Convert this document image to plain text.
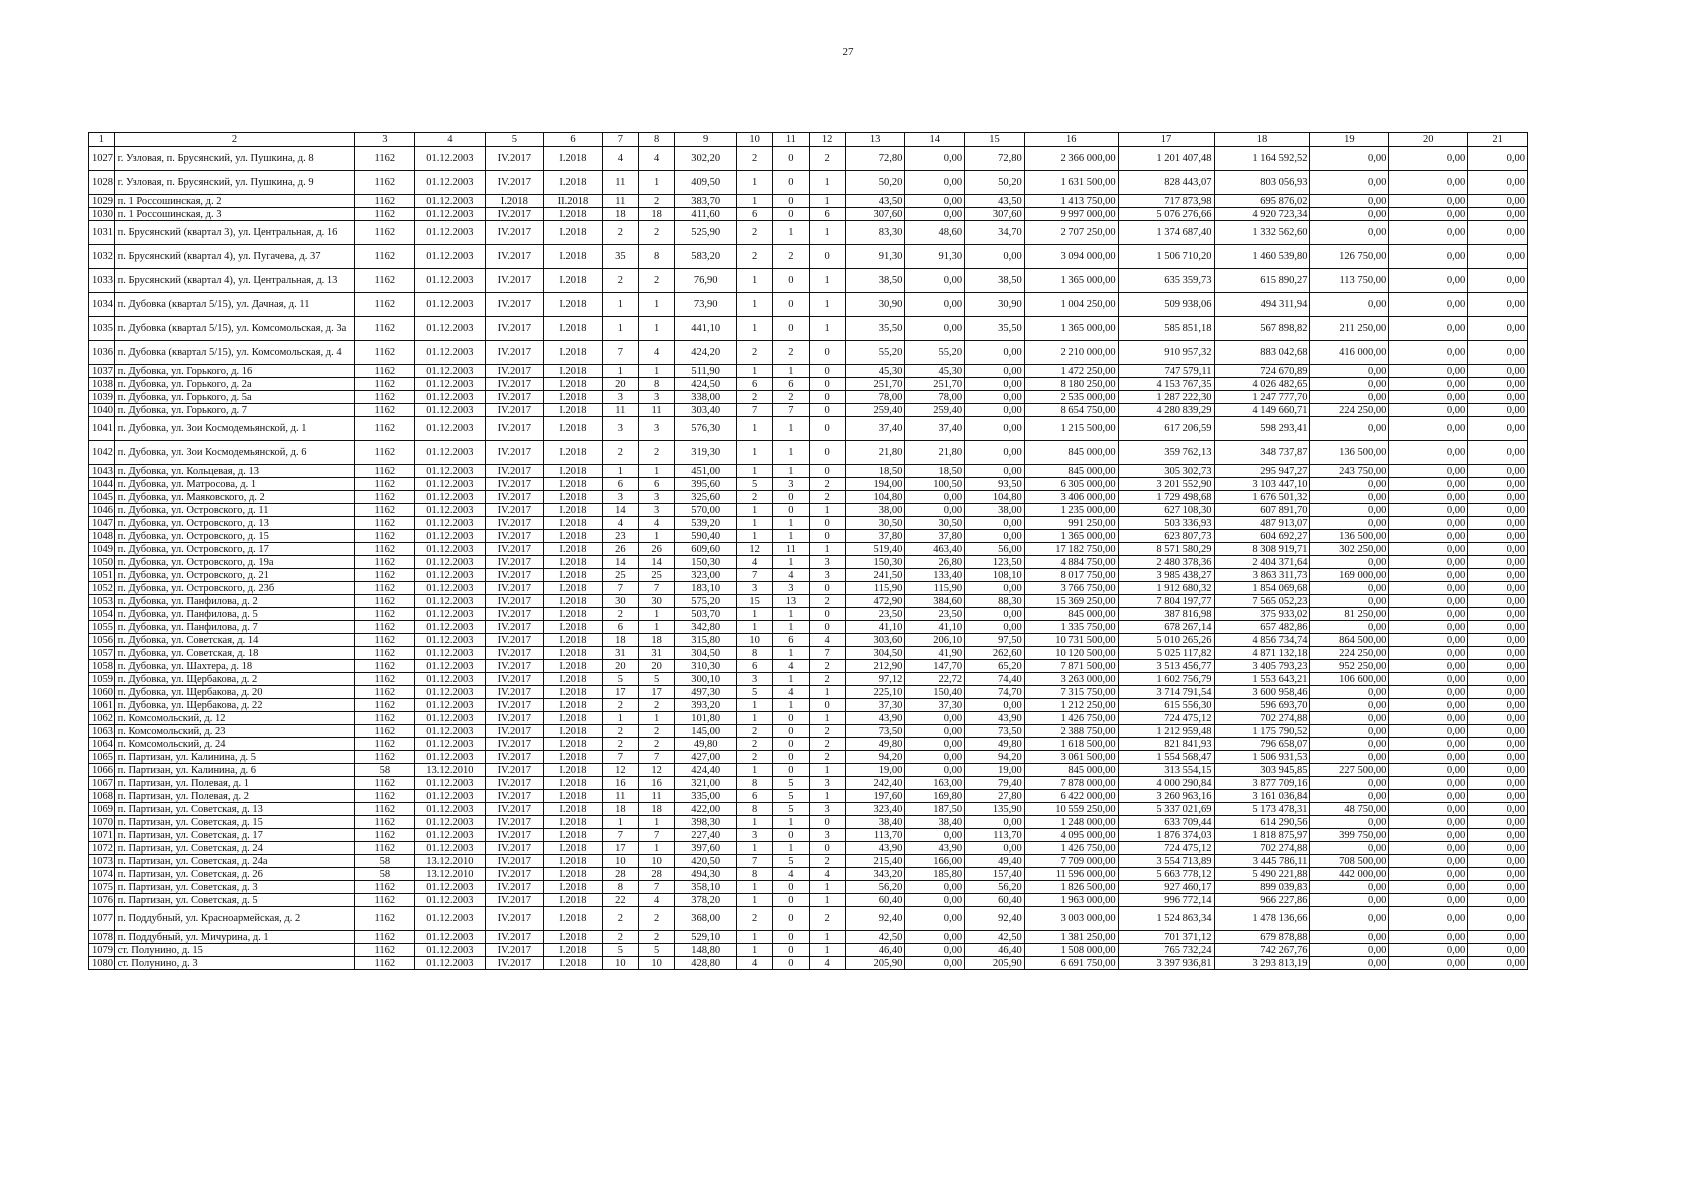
27
1	2	3	4	5	6	7	8	9	10	11	12	13	14	15	16	17	18	19	20	21
1027	г. Узловая, п. Брусянский, ул. Пушкина, д. 8	1162	01.12.2003	IV.2017	I.2018	4	4	302,20	2	0	2	72,80	0,00	72,80	2 366 000,00	1 201 407,48	1 164 592,52	0,00	0,00	0,00
1028	г. Узловая, п. Брусянский, ул. Пушкина, д. 9	1162	01.12.2003	IV.2017	I.2018	11	1	409,50	1	0	1	50,20	0,00	50,20	1 631 500,00	828 443,07	803 056,93	0,00	0,00	0,00
1029	п. 1 Россошинская, д. 2	1162	01.12.2003	I.2018	II.2018	11	2	383,70	1	0	1	43,50	0,00	43,50	1 413 750,00	717 873,98	695 876,02	0,00	0,00	0,00
1030	п. 1 Россошинская, д. 3	1162	01.12.2003	IV.2017	I.2018	18	18	411,60	6	0	6	307,60	0,00	307,60	9 997 000,00	5 076 276,66	4 920 723,34	0,00	0,00	0,00
1031	п. Брусянский (квартал 3), ул. Центральная, д. 16	1162	01.12.2003	IV.2017	I.2018	2	2	525,90	2	1	1	83,30	48,60	34,70	2 707 250,00	1 374 687,40	1 332 562,60	0,00	0,00	0,00
1032	п. Брусянский (квартал 4), ул. Пугачева, д. 37	1162	01.12.2003	IV.2017	I.2018	35	8	583,20	2	2	0	91,30	91,30	0,00	3 094 000,00	1 506 710,20	1 460 539,80	126 750,00	0,00	0,00
1033	п. Брусянский (квартал 4), ул. Центральная, д. 13	1162	01.12.2003	IV.2017	I.2018	2	2	76,90	1	0	1	38,50	0,00	38,50	1 365 000,00	635 359,73	615 890,27	113 750,00	0,00	0,00
1034	п. Дубовка (квартал 5/15), ул. Дачная, д. 11	1162	01.12.2003	IV.2017	I.2018	1	1	73,90	1	0	1	30,90	0,00	30,90	1 004 250,00	509 938,06	494 311,94	0,00	0,00	0,00
1035	п. Дубовка (квартал 5/15), ул. Комсомольская, д. 3а	1162	01.12.2003	IV.2017	I.2018	1	1	441,10	1	0	1	35,50	0,00	35,50	1 365 000,00	585 851,18	567 898,82	211 250,00	0,00	0,00
1036	п. Дубовка (квартал 5/15), ул. Комсомольская, д. 4	1162	01.12.2003	IV.2017	I.2018	7	4	424,20	2	2	0	55,20	55,20	0,00	2 210 000,00	910 957,32	883 042,68	416 000,00	0,00	0,00
1037	п. Дубовка, ул. Горького, д. 16	1162	01.12.2003	IV.2017	I.2018	1	1	511,90	1	1	0	45,30	45,30	0,00	1 472 250,00	747 579,11	724 670,89	0,00	0,00	0,00
1038	п. Дубовка, ул. Горького, д. 2а	1162	01.12.2003	IV.2017	I.2018	20	8	424,50	6	6	0	251,70	251,70	0,00	8 180 250,00	4 153 767,35	4 026 482,65	0,00	0,00	0,00
1039	п. Дубовка, ул. Горького, д. 5а	1162	01.12.2003	IV.2017	I.2018	3	3	338,00	2	2	0	78,00	78,00	0,00	2 535 000,00	1 287 222,30	1 247 777,70	0,00	0,00	0,00
1040	п. Дубовка, ул. Горького, д. 7	1162	01.12.2003	IV.2017	I.2018	11	11	303,40	7	7	0	259,40	259,40	0,00	8 654 750,00	4 280 839,29	4 149 660,71	224 250,00	0,00	0,00
1041	п. Дубовка, ул. Зои Космодемьянской, д. 1	1162	01.12.2003	IV.2017	I.2018	3	3	576,30	1	1	0	37,40	37,40	0,00	1 215 500,00	617 206,59	598 293,41	0,00	0,00	0,00
1042	п. Дубовка, ул. Зои Космодемьянской, д. 6	1162	01.12.2003	IV.2017	I.2018	2	2	319,30	1	1	0	21,80	21,80	0,00	845 000,00	359 762,13	348 737,87	136 500,00	0,00	0,00
1043	п. Дубовка, ул. Кольцевая, д. 13	1162	01.12.2003	IV.2017	I.2018	1	1	451,00	1	1	0	18,50	18,50	0,00	845 000,00	305 302,73	295 947,27	243 750,00	0,00	0,00
1044	п. Дубовка, ул. Матросова, д. 1	1162	01.12.2003	IV.2017	I.2018	6	6	395,60	5	3	2	194,00	100,50	93,50	6 305 000,00	3 201 552,90	3 103 447,10	0,00	0,00	0,00
1045	п. Дубовка, ул. Маяковского, д. 2	1162	01.12.2003	IV.2017	I.2018	3	3	325,60	2	0	2	104,80	0,00	104,80	3 406 000,00	1 729 498,68	1 676 501,32	0,00	0,00	0,00
1046	п. Дубовка, ул. Островского, д. 11	1162	01.12.2003	IV.2017	I.2018	14	3	570,00	1	0	1	38,00	0,00	38,00	1 235 000,00	627 108,30	607 891,70	0,00	0,00	0,00
1047	п. Дубовка, ул. Островского, д. 13	1162	01.12.2003	IV.2017	I.2018	4	4	539,20	1	1	0	30,50	30,50	0,00	991 250,00	503 336,93	487 913,07	0,00	0,00	0,00
1048	п. Дубовка, ул. Островского, д. 15	1162	01.12.2003	IV.2017	I.2018	23	1	590,40	1	1	0	37,80	37,80	0,00	1 365 000,00	623 807,73	604 692,27	136 500,00	0,00	0,00
1049	п. Дубовка, ул. Островского, д. 17	1162	01.12.2003	IV.2017	I.2018	26	26	609,60	12	11	1	519,40	463,40	56,00	17 182 750,00	8 571 580,29	8 308 919,71	302 250,00	0,00	0,00
1050	п. Дубовка, ул. Островского, д. 19а	1162	01.12.2003	IV.2017	I.2018	14	14	150,30	4	1	3	150,30	26,80	123,50	4 884 750,00	2 480 378,36	2 404 371,64	0,00	0,00	0,00
1051	п. Дубовка, ул. Островского, д. 21	1162	01.12.2003	IV.2017	I.2018	25	25	323,00	7	4	3	241,50	133,40	108,10	8 017 750,00	3 985 438,27	3 863 311,73	169 000,00	0,00	0,00
1052	п. Дубовка, ул. Островского, д. 23б	1162	01.12.2003	IV.2017	I.2018	7	7	183,10	3	3	0	115,90	115,90	0,00	3 766 750,00	1 912 680,32	1 854 069,68	0,00	0,00	0,00
1053	п. Дубовка, ул. Панфилова, д. 2	1162	01.12.2003	IV.2017	I.2018	30	30	575,20	15	13	2	472,90	384,60	88,30	15 369 250,00	7 804 197,77	7 565 052,23	0,00	0,00	0,00
1054	п. Дубовка, ул. Панфилова, д. 5	1162	01.12.2003	IV.2017	I.2018	2	1	503,70	1	1	0	23,50	23,50	0,00	845 000,00	387 816,98	375 933,02	81 250,00	0,00	0,00
1055	п. Дубовка, ул. Панфилова, д. 7	1162	01.12.2003	IV.2017	I.2018	6	1	342,80	1	1	0	41,10	41,10	0,00	1 335 750,00	678 267,14	657 482,86	0,00	0,00	0,00
1056	п. Дубовка, ул. Советская, д. 14	1162	01.12.2003	IV.2017	I.2018	18	18	315,80	10	6	4	303,60	206,10	97,50	10 731 500,00	5 010 265,26	4 856 734,74	864 500,00	0,00	0,00
1057	п. Дубовка, ул. Советская, д. 18	1162	01.12.2003	IV.2017	I.2018	31	31	304,50	8	1	7	304,50	41,90	262,60	10 120 500,00	5 025 117,82	4 871 132,18	224 250,00	0,00	0,00
1058	п. Дубовка, ул. Шахтера, д. 18	1162	01.12.2003	IV.2017	I.2018	20	20	310,30	6	4	2	212,90	147,70	65,20	7 871 500,00	3 513 456,77	3 405 793,23	952 250,00	0,00	0,00
1059	п. Дубовка, ул. Щербакова, д. 2	1162	01.12.2003	IV.2017	I.2018	5	5	300,10	3	1	2	97,12	22,72	74,40	3 263 000,00	1 602 756,79	1 553 643,21	106 600,00	0,00	0,00
1060	п. Дубовка, ул. Щербакова, д. 20	1162	01.12.2003	IV.2017	I.2018	17	17	497,30	5	4	1	225,10	150,40	74,70	7 315 750,00	3 714 791,54	3 600 958,46	0,00	0,00	0,00
1061	п. Дубовка, ул. Щербакова, д. 22	1162	01.12.2003	IV.2017	I.2018	2	2	393,20	1	1	0	37,30	37,30	0,00	1 212 250,00	615 556,30	596 693,70	0,00	0,00	0,00
1062	п. Комсомольский, д. 12	1162	01.12.2003	IV.2017	I.2018	1	1	101,80	1	0	1	43,90	0,00	43,90	1 426 750,00	724 475,12	702 274,88	0,00	0,00	0,00
1063	п. Комсомольский, д. 23	1162	01.12.2003	IV.2017	I.2018	2	2	145,00	2	0	2	73,50	0,00	73,50	2 388 750,00	1 212 959,48	1 175 790,52	0,00	0,00	0,00
1064	п. Комсомольский, д. 24	1162	01.12.2003	IV.2017	I.2018	2	2	49,80	2	0	2	49,80	0,00	49,80	1 618 500,00	821 841,93	796 658,07	0,00	0,00	0,00
1065	п. Партизан, ул. Калинина, д. 5	1162	01.12.2003	IV.2017	I.2018	7	7	427,00	2	0	2	94,20	0,00	94,20	3 061 500,00	1 554 568,47	1 506 931,53	0,00	0,00	0,00
1066	п. Партизан, ул. Калинина, д. 6	58	13.12.2010	IV.2017	I.2018	12	12	424,40	1	0	1	19,00	0,00	19,00	845 000,00	313 554,15	303 945,85	227 500,00	0,00	0,00
1067	п. Партизан, ул. Полевая, д. 1	1162	01.12.2003	IV.2017	I.2018	16	16	321,00	8	5	3	242,40	163,00	79,40	7 878 000,00	4 000 290,84	3 877 709,16	0,00	0,00	0,00
1068	п. Партизан, ул. Полевая, д. 2	1162	01.12.2003	IV.2017	I.2018	11	11	335,00	6	5	1	197,60	169,80	27,80	6 422 000,00	3 260 963,16	3 161 036,84	0,00	0,00	0,00
1069	п. Партизан, ул. Советская, д. 13	1162	01.12.2003	IV.2017	I.2018	18	18	422,00	8	5	3	323,40	187,50	135,90	10 559 250,00	5 337 021,69	5 173 478,31	48 750,00	0,00	0,00
1070	п. Партизан, ул. Советская, д. 15	1162	01.12.2003	IV.2017	I.2018	1	1	398,30	1	1	0	38,40	38,40	0,00	1 248 000,00	633 709,44	614 290,56	0,00	0,00	0,00
1071	п. Партизан, ул. Советская, д. 17	1162	01.12.2003	IV.2017	I.2018	7	7	227,40	3	0	3	113,70	0,00	113,70	4 095 000,00	1 876 374,03	1 818 875,97	399 750,00	0,00	0,00
1072	п. Партизан, ул. Советская, д. 24	1162	01.12.2003	IV.2017	I.2018	17	1	397,60	1	1	0	43,90	43,90	0,00	1 426 750,00	724 475,12	702 274,88	0,00	0,00	0,00
1073	п. Партизан, ул. Советская, д. 24а	58	13.12.2010	IV.2017	I.2018	10	10	420,50	7	5	2	215,40	166,00	49,40	7 709 000,00	3 554 713,89	3 445 786,11	708 500,00	0,00	0,00
1074	п. Партизан, ул. Советская, д. 26	58	13.12.2010	IV.2017	I.2018	28	28	494,30	8	4	4	343,20	185,80	157,40	11 596 000,00	5 663 778,12	5 490 221,88	442 000,00	0,00	0,00
1075	п. Партизан, ул. Советская, д. 3	1162	01.12.2003	IV.2017	I.2018	8	7	358,10	1	0	1	56,20	0,00	56,20	1 826 500,00	927 460,17	899 039,83	0,00	0,00	0,00
1076	п. Партизан, ул. Советская, д. 5	1162	01.12.2003	IV.2017	I.2018	22	4	378,20	1	0	1	60,40	0,00	60,40	1 963 000,00	996 772,14	966 227,86	0,00	0,00	0,00
1077	п. Поддубный, ул. Красноармейская, д. 2	1162	01.12.2003	IV.2017	I.2018	2	2	368,00	2	0	2	92,40	0,00	92,40	3 003 000,00	1 524 863,34	1 478 136,66	0,00	0,00	0,00
1078	п. Поддубный, ул. Мичурина, д. 1	1162	01.12.2003	IV.2017	I.2018	2	2	529,10	1	0	1	42,50	0,00	42,50	1 381 250,00	701 371,12	679 878,88	0,00	0,00	0,00
1079	ст. Полунино, д. 15	1162	01.12.2003	IV.2017	I.2018	5	5	148,80	1	0	1	46,40	0,00	46,40	1 508 000,00	765 732,24	742 267,76	0,00	0,00	0,00
1080	ст. Полунино, д. 3	1162	01.12.2003	IV.2017	I.2018	10	10	428,80	4	0	4	205,90	0,00	205,90	6 691 750,00	3 397 936,81	3 293 813,19	0,00	0,00	0,00
